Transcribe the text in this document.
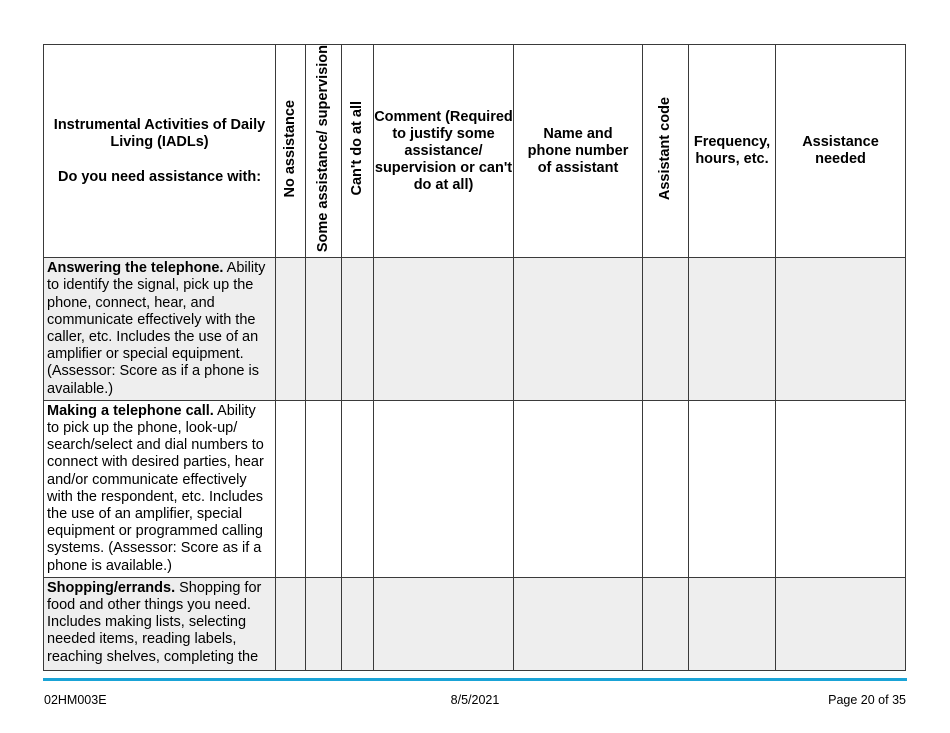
Instrumental Activities of Daily Living (IADLs)
Do you need assistance with:	No assistance	Some assistance/ supervision	Can't do at all	Comment (Required to justify some assistance/ supervision or can't do at all)	Name and phone number of assistant	Assistant code	Frequency, hours, etc.	Assistance needed
Answering the telephone. Ability to identify the signal, pick up the phone, connect, hear, and communicate effectively with the caller, etc. Includes the use of an amplifier or special equipment. (Assessor: Score as if a phone is available.)								
Making a telephone call. Ability to pick up the phone, look-up/ search/select and dial numbers to connect with desired parties, hear and/or communicate effectively with the respondent, etc. Includes the use of an amplifier, special equipment or programmed calling systems. (Assessor: Score as if a phone is available.)								
Shopping/errands. Shopping for food and other things you need. Includes making lists, selecting needed items, reading labels, reaching shelves, completing the								
02HM003E	8/5/2021	Page 20 of 35
